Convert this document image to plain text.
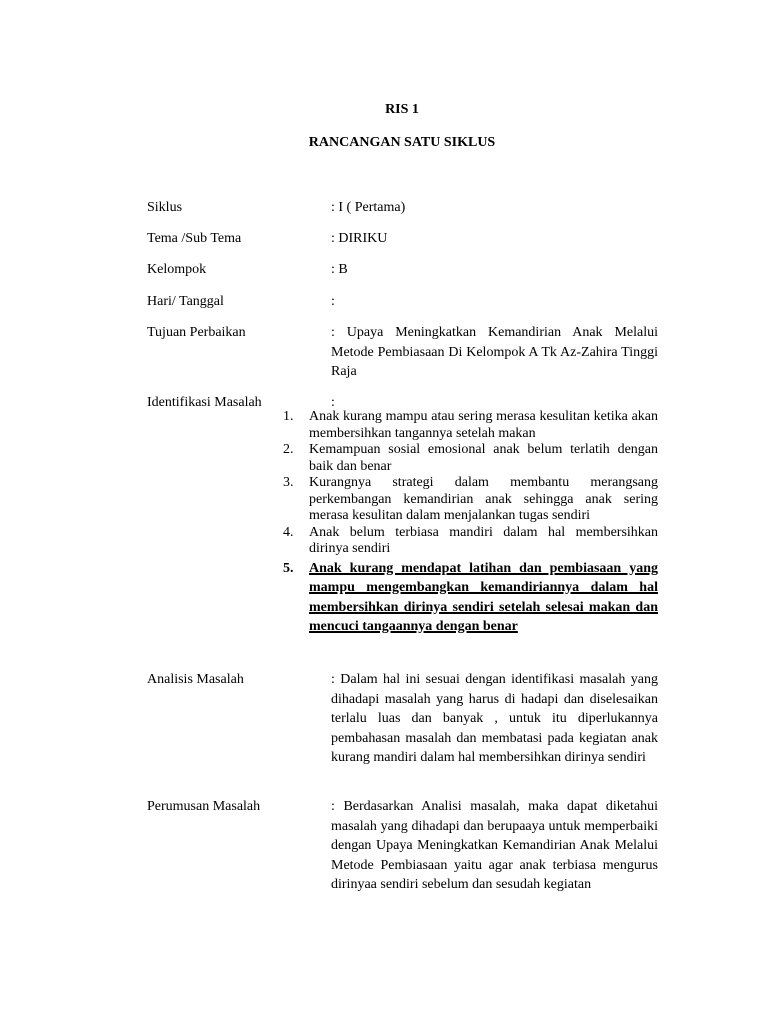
RIS 1
RANCANGAN SATU SIKLUS
Siklus	: I ( Pertama)
Tema /Sub Tema	: DIRIKU
Kelompok	: B
Hari/ Tanggal	:
Tujuan Perbaikan	: Upaya Meningkatkan Kemandirian Anak Melalui Metode Pembiasaan Di Kelompok A Tk Az-Zahira Tinggi Raja
Identifikasi Masalah	:
1.	Anak kurang mampu atau sering merasa kesulitan ketika akan membersihkan tangannya setelah makan
2.	Kemampuan sosial emosional anak belum terlatih dengan baik dan benar
3.	Kurangnya strategi dalam membantu merangsang perkembangan kemandirian anak sehingga anak sering merasa kesulitan dalam menjalankan tugas sendiri
4.	Anak belum terbiasa mandiri dalam hal membersihkan dirinya sendiri
5.	Anak kurang mendapat latihan dan pembiasaan yang mampu mengembangkan kemandiriannya dalam hal membersihkan dirinya sendiri setelah selesai makan dan mencuci tangaannya dengan benar
Analisis Masalah	: Dalam hal ini sesuai dengan identifikasi masalah yang dihadapi masalah yang harus di hadapi dan diselesaikan terlalu luas dan banyak , untuk itu diperlukannya pembahasan masalah dan membatasi pada kegiatan anak kurang mandiri dalam hal membersihkan dirinya sendiri
Perumusan Masalah	: Berdasarkan Analisi masalah, maka dapat diketahui masalah yang dihadapi dan berupaaya untuk memperbaiki dengan Upaya Meningkatkan Kemandirian Anak Melalui Metode Pembiasaan yaitu agar anak terbiasa mengurus dirinyaa sendiri sebelum dan sesudah kegiatan
